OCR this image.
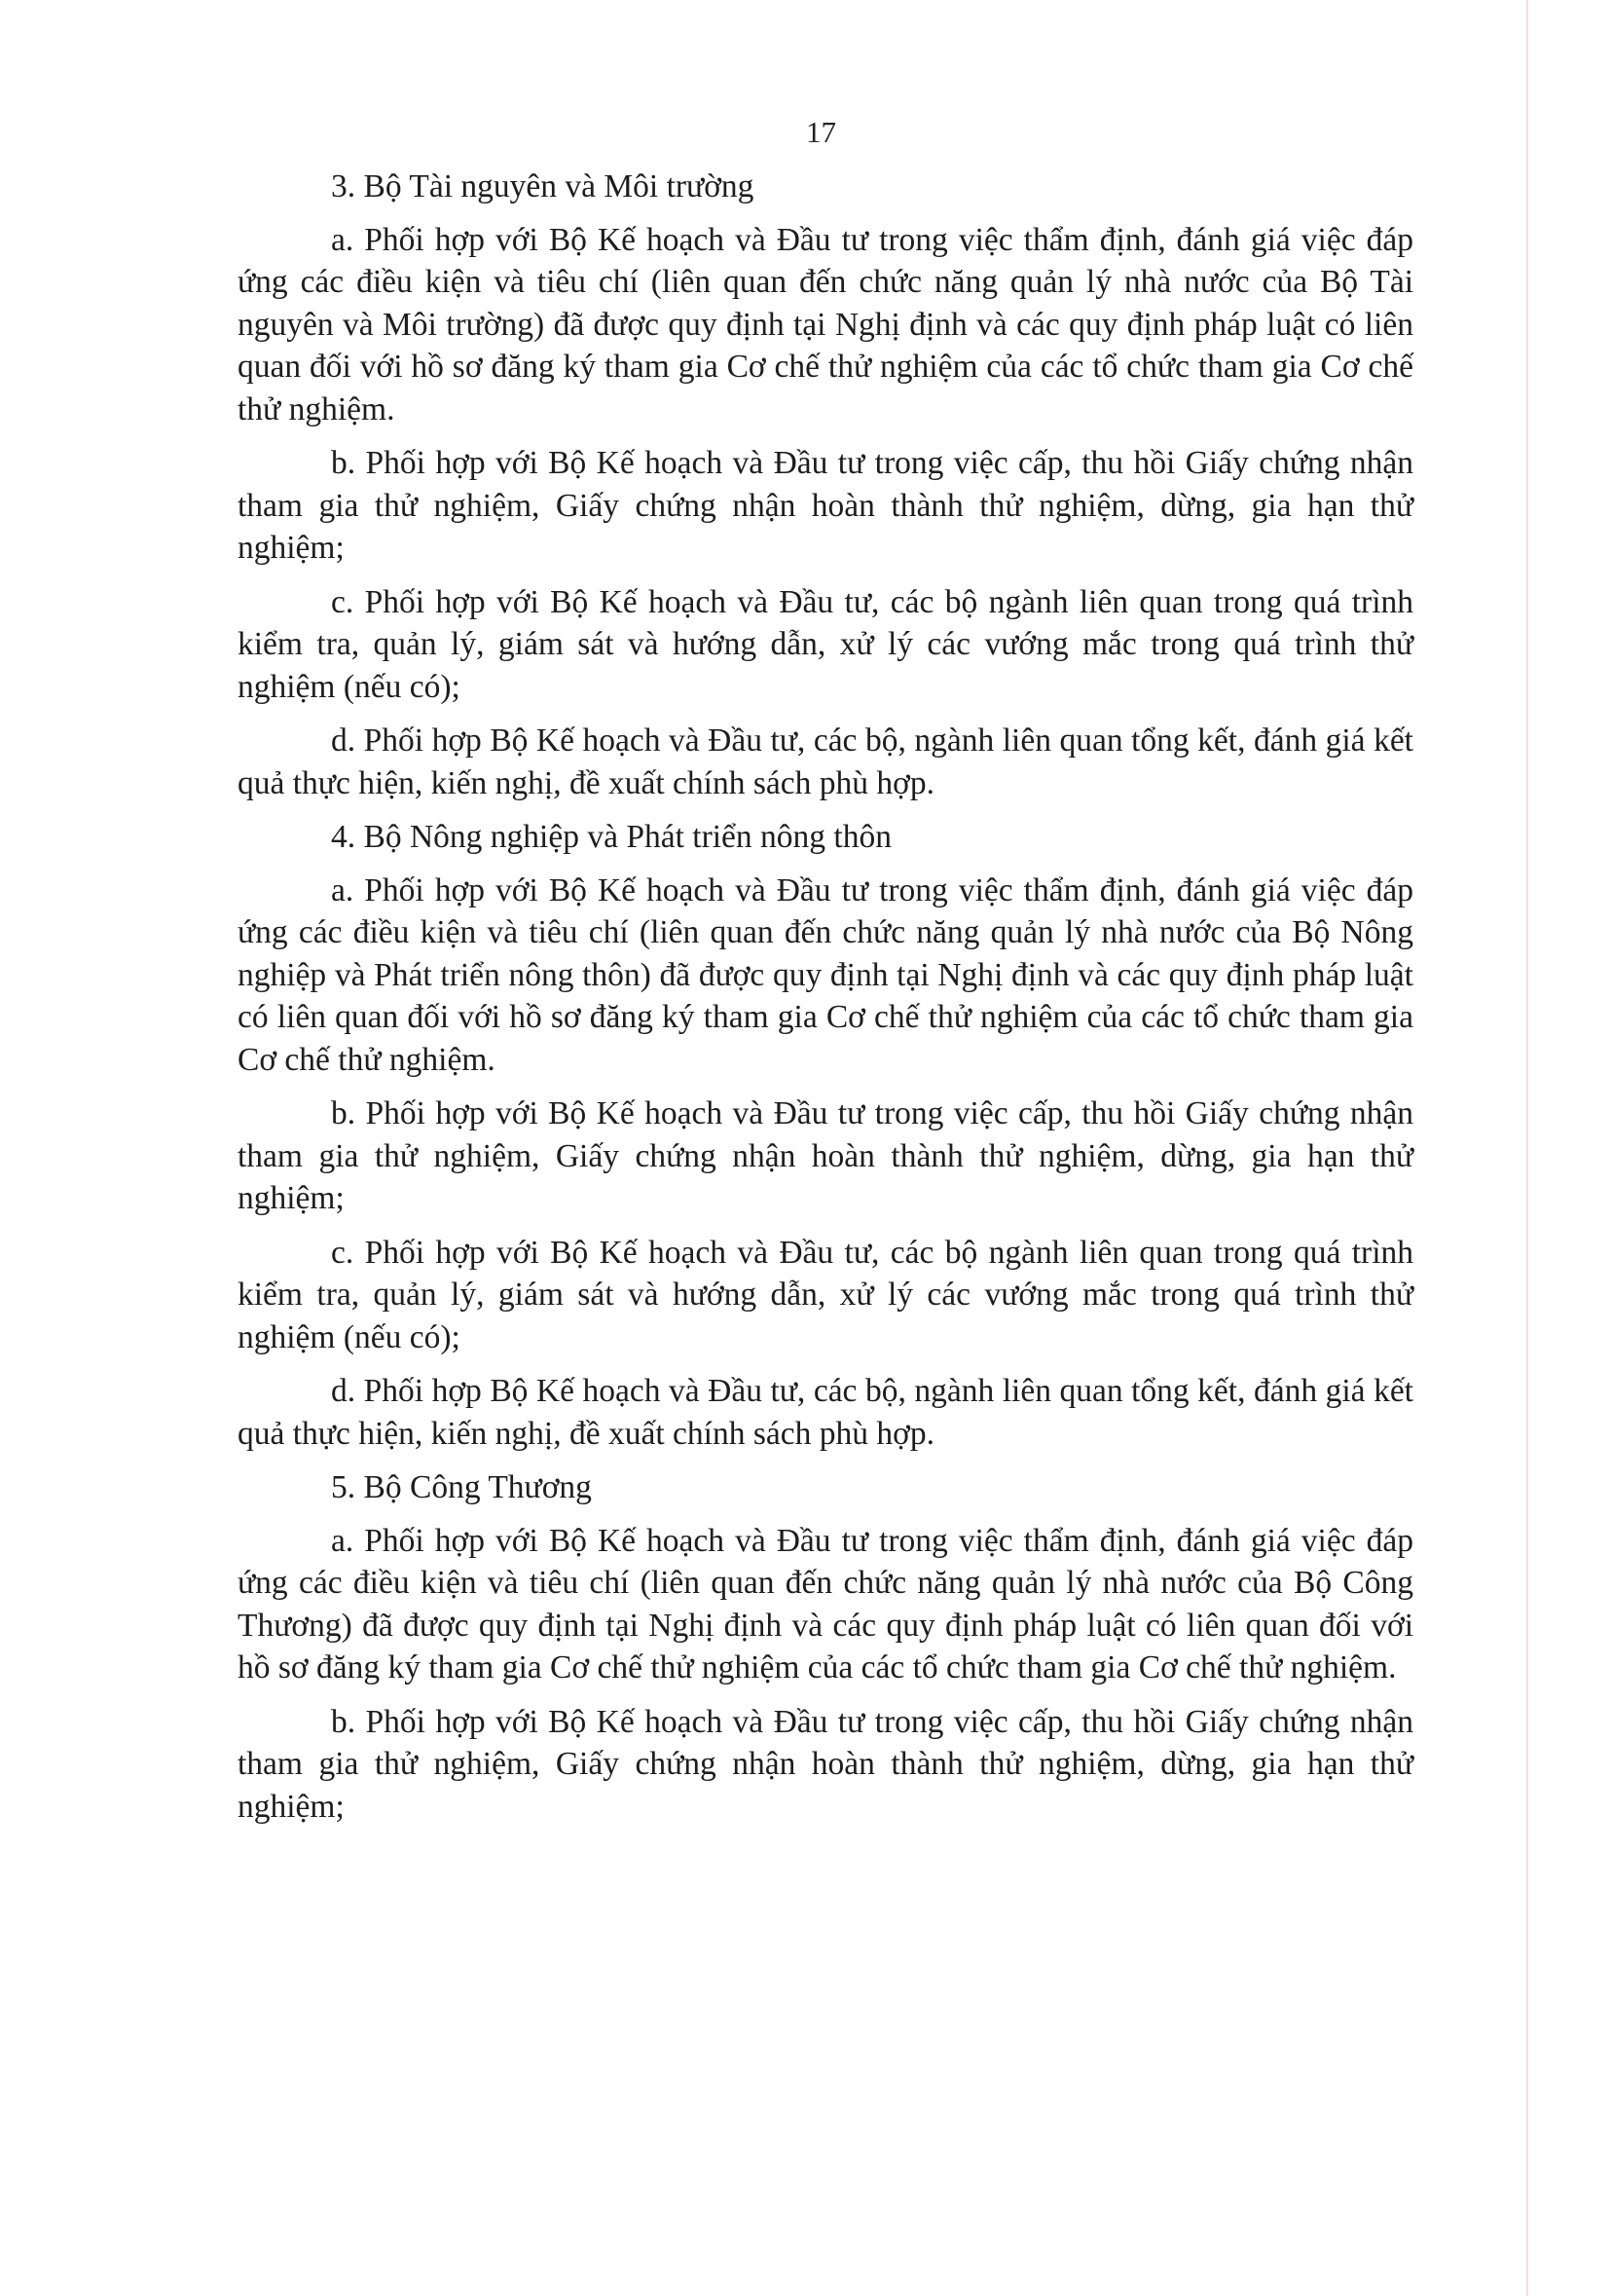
17

3. Bộ Tài nguyên và Môi trường

a. Phối hợp với Bộ Kế hoạch và Đầu tư trong việc thẩm định, đánh giá việc đáp ứng các điều kiện và tiêu chí (liên quan đến chức năng quản lý nhà nước của Bộ Tài nguyên và Môi trường) đã được quy định tại Nghị định và các quy định pháp luật có liên quan đối với hồ sơ đăng ký tham gia Cơ chế thử nghiệm của các tổ chức tham gia Cơ chế thử nghiệm.

b. Phối hợp với Bộ Kế hoạch và Đầu tư trong việc cấp, thu hồi Giấy chứng nhận tham gia thử nghiệm, Giấy chứng nhận hoàn thành thử nghiệm, dừng, gia hạn thử nghiệm;

c. Phối hợp với Bộ Kế hoạch và Đầu tư, các bộ ngành liên quan trong quá trình kiểm tra, quản lý, giám sát và hướng dẫn, xử lý các vướng mắc trong quá trình thử nghiệm (nếu có);

d. Phối hợp Bộ Kế hoạch và Đầu tư, các bộ, ngành liên quan tổng kết, đánh giá kết quả thực hiện, kiến nghị, đề xuất chính sách phù hợp.

4. Bộ Nông nghiệp và Phát triển nông thôn

a. Phối hợp với Bộ Kế hoạch và Đầu tư trong việc thẩm định, đánh giá việc đáp ứng các điều kiện và tiêu chí (liên quan đến chức năng quản lý nhà nước của Bộ Nông nghiệp và Phát triển nông thôn) đã được quy định tại Nghị định và các quy định pháp luật có liên quan đối với hồ sơ đăng ký tham gia Cơ chế thử nghiệm của các tổ chức tham gia Cơ chế thử nghiệm.

b. Phối hợp với Bộ Kế hoạch và Đầu tư trong việc cấp, thu hồi Giấy chứng nhận tham gia thử nghiệm, Giấy chứng nhận hoàn thành thử nghiệm, dừng, gia hạn thử nghiệm;

c. Phối hợp với Bộ Kế hoạch và Đầu tư, các bộ ngành liên quan trong quá trình kiểm tra, quản lý, giám sát và hướng dẫn, xử lý các vướng mắc trong quá trình thử nghiệm (nếu có);

d. Phối hợp Bộ Kế hoạch và Đầu tư, các bộ, ngành liên quan tổng kết, đánh giá kết quả thực hiện, kiến nghị, đề xuất chính sách phù hợp.

5. Bộ Công Thương

a. Phối hợp với Bộ Kế hoạch và Đầu tư trong việc thẩm định, đánh giá việc đáp ứng các điều kiện và tiêu chí (liên quan đến chức năng quản lý nhà nước của Bộ Công Thương) đã được quy định tại Nghị định và các quy định pháp luật có liên quan đối với hồ sơ đăng ký tham gia Cơ chế thử nghiệm của các tổ chức tham gia Cơ chế thử nghiệm.

b. Phối hợp với Bộ Kế hoạch và Đầu tư trong việc cấp, thu hồi Giấy chứng nhận tham gia thử nghiệm, Giấy chứng nhận hoàn thành thử nghiệm, dừng, gia hạn thử nghiệm;
